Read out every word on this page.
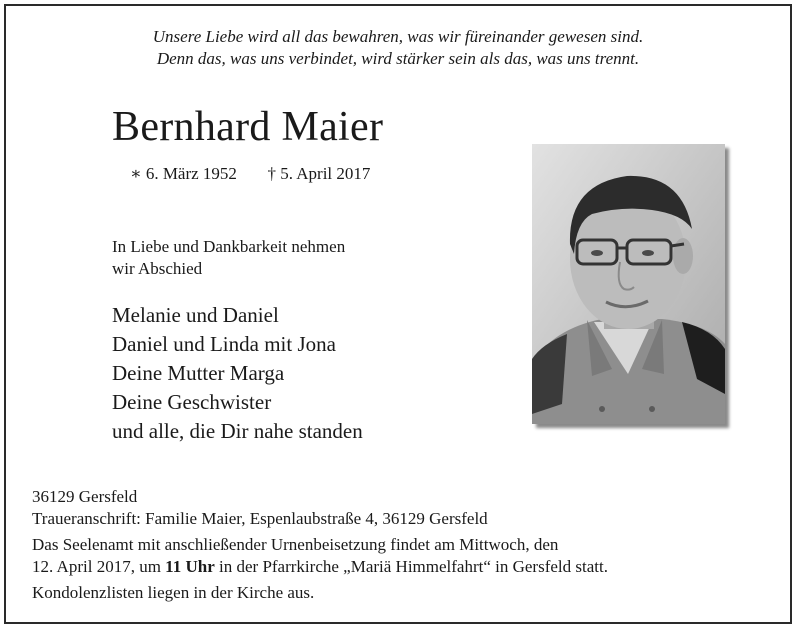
Unsere Liebe wird all das bewahren, was wir füreinander gewesen sind.
Denn das, was uns verbindet, wird stärker sein als das, was uns trennt.
Bernhard Maier
∗ 6. März 1952 † 5. April 2017
In Liebe und Dankbarkeit nehmen
wir Abschied
Melanie und Daniel
Daniel und Linda mit Jona
Deine Mutter Marga
Deine Geschwister
und alle, die Dir nahe standen
36129 Gersfeld
Traueranschrift: Familie Maier, Espenlaubstraße 4, 36129 Gersfeld
Das Seelenamt mit anschließender Urnenbeisetzung findet am Mittwoch, den
12. April 2017, um 11 Uhr in der Pfarrkirche „Mariä Himmelfahrt“ in Gersfeld statt.
Kondolenzlisten liegen in der Kirche aus.
